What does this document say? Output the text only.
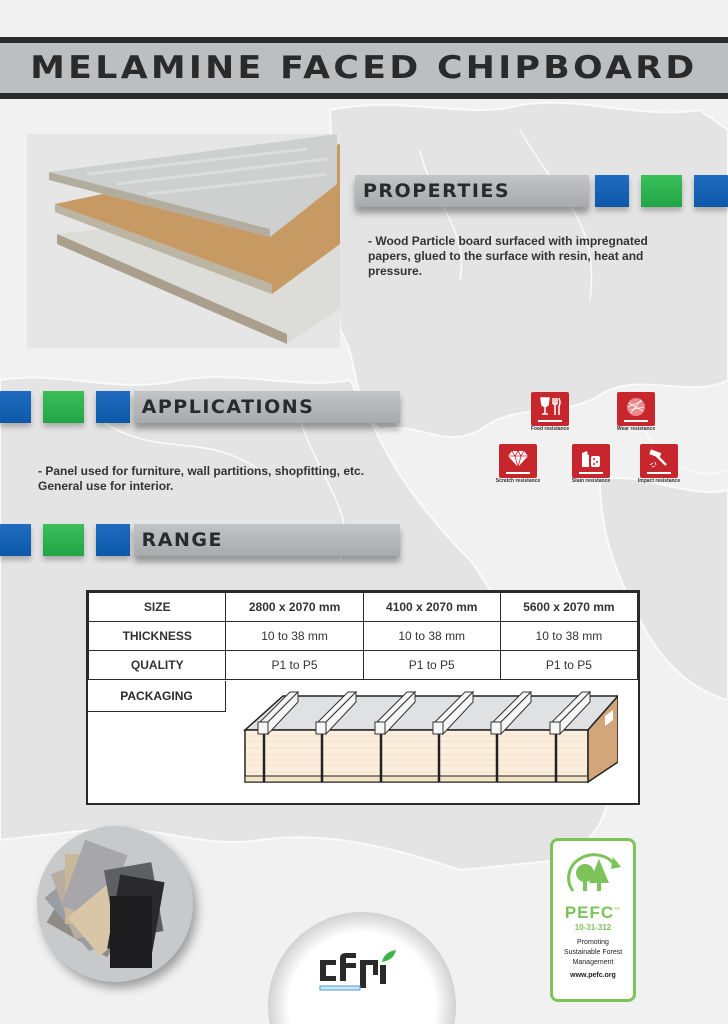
MELAMINE FACED CHIPBOARD
PROPERTIES
- Wood Particle board surfaced with impregnated
papers, glued to the surface with resin, heat and
pressure.
APPLICATIONS
- Panel used for furniture, wall partitions, shopfitting, etc.
General use for interior.
Food resistance	Wear resistance
Scratch resistance	Stain resistance	Impact resistance
RANGE
SIZE	2800 x 2070 mm	4100 x 2070 mm	5600 x 2070 mm
THICKNESS	10 to 38 mm	10 to 38 mm	10 to 38 mm
QUALITY	P1 to P5	P1 to P5	P1 to P5
PACKAGING
PEFC™
10-31-312
Promoting
Sustainable Forest
Management
www.pefc.org
